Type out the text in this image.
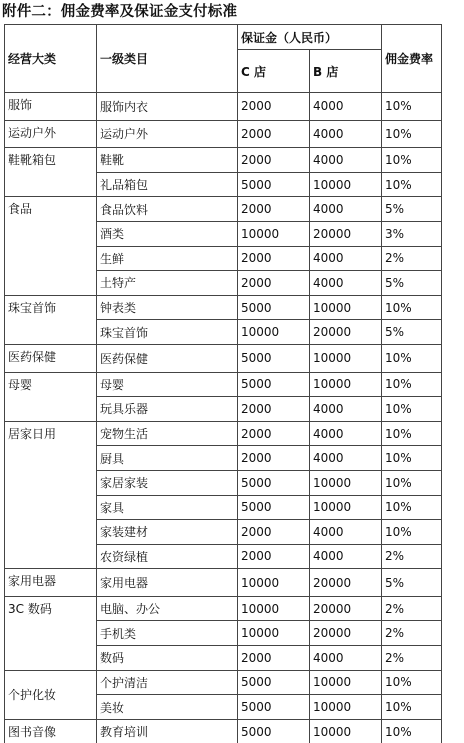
附件二：佣金费率及保证金支付标准
经营大类	一级类目	保证金（人民币）		佣金费率
		C 店	B 店	
服饰	服饰内衣	2000	4000	10%
运动户外	运动户外	2000	4000	10%
鞋靴箱包	鞋靴	2000	4000	10%
	礼品箱包	5000	10000	10%
食品	食品饮料	2000	4000	5%
	酒类	10000	20000	3%
	生鲜	2000	4000	2%
	土特产	2000	4000	5%
珠宝首饰	钟表类	5000	10000	10%
	珠宝首饰	10000	20000	5%
医药保健	医药保健	5000	10000	10%
母婴	母婴	5000	10000	10%
	玩具乐器	2000	4000	10%
居家日用	宠物生活	2000	4000	10%
	厨具	2000	4000	10%
	家居家装	5000	10000	10%
	家具	5000	10000	10%
	家装建材	2000	4000	10%
	农资绿植	2000	4000	2%
家用电器	家用电器	10000	20000	5%
3C 数码	电脑、办公	10000	20000	2%
	手机类	10000	20000	2%
	数码	2000	4000	2%
个护化妆	个护清洁	5000	10000	10%
	美妆	5000	10000	10%
图书音像	教育培训	5000	10000	10%
